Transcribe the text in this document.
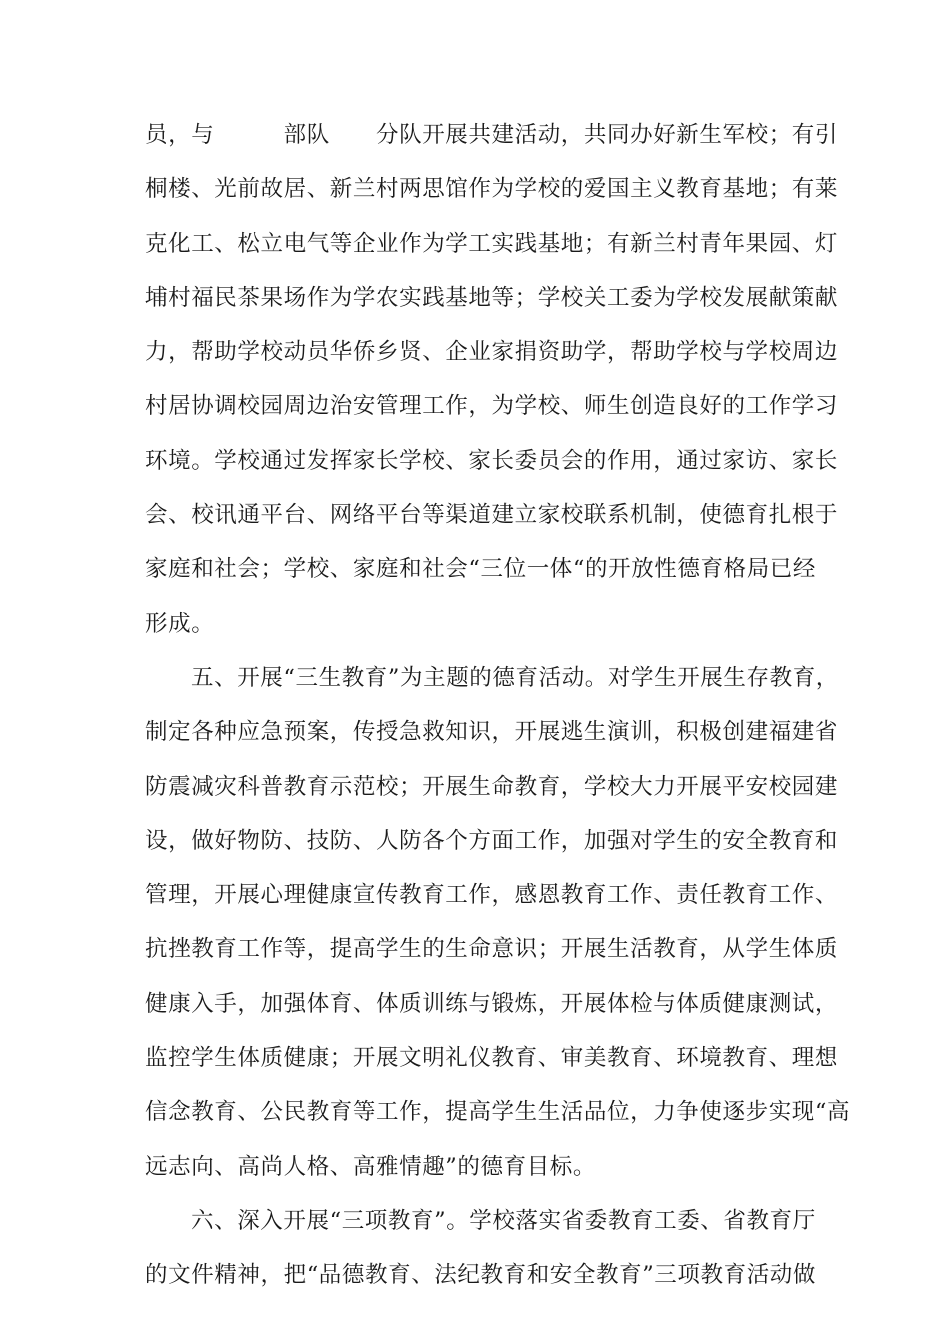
员，与　　　部队　　分队开展共建活动，共同办好新生军校；有引
桐楼、光前故居、新兰村两思馆作为学校的爱国主义教育基地；有莱
克化工、松立电气等企业作为学工实践基地；有新兰村青年果园、灯
埔村福民茶果场作为学农实践基地等；学校关工委为学校发展献策献
力，帮助学校动员华侨乡贤、企业家捐资助学，帮助学校与学校周边
村居协调校园周边治安管理工作，为学校、师生创造良好的工作学习
环境。学校通过发挥家长学校、家长委员会的作用，通过家访、家长
会、校讯通平台、网络平台等渠道建立家校联系机制，使德育扎根于
家庭和社会；学校、家庭和社会“三位一体“的开放性德育格局已经
形成。
五、开展“三生教育”为主题的德育活动。对学生开展生存教育，
制定各种应急预案，传授急救知识，开展逃生演训，积极创建福建省
防震减灾科普教育示范校；开展生命教育，学校大力开展平安校园建
设，做好物防、技防、人防各个方面工作，加强对学生的安全教育和
管理，开展心理健康宣传教育工作，感恩教育工作、责任教育工作、
抗挫教育工作等，提高学生的生命意识；开展生活教育，从学生体质
健康入手，加强体育、体质训练与锻炼，开展体检与体质健康测试，
监控学生体质健康；开展文明礼仪教育、审美教育、环境教育、理想
信念教育、公民教育等工作，提高学生生活品位，力争使逐步实现“高
远志向、高尚人格、高雅情趣”的德育目标。
六、深入开展“三项教育”。学校落实省委教育工委、省教育厅
的文件精神，把“品德教育、法纪教育和安全教育”三项教育活动做
